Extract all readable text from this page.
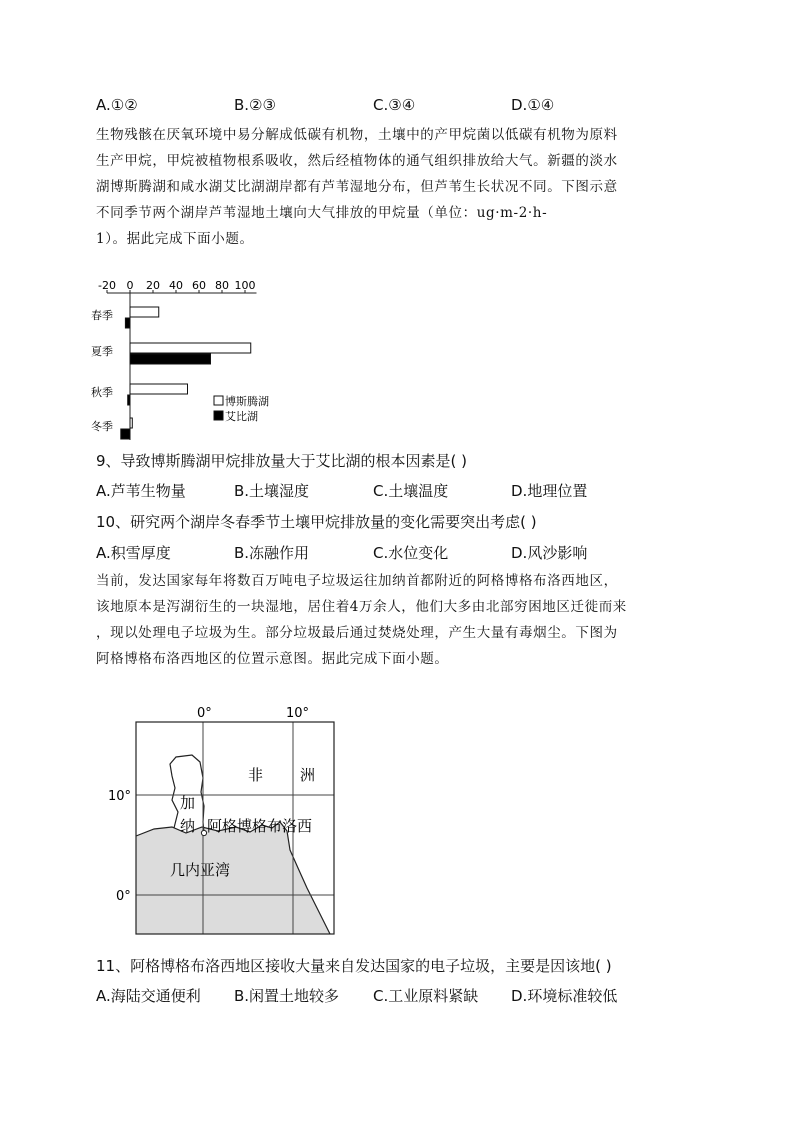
A.①②	B.②③	C.③④	D.①④
生物残骸在厌氧环境中易分解成低碳有机物，土壤中的产甲烷菌以低碳有机物为原料
生产甲烷，甲烷被植物根系吸收，然后经植物体的通气组织排放给大气。新疆的淡水
湖博斯腾湖和咸水湖艾比湖湖岸都有芦苇湿地分布，但芦苇生长状况不同。下图示意
不同季节两个湖岸芦苇湿地土壤向大气排放的甲烷量（单位：ug·m-2·h-
1）。据此完成下面小题。
-20 0 20 40 60 80 100
春季
夏季
秋季
冬季
博斯腾湖
艾比湖
9、导致博斯腾湖甲烷排放量大于艾比湖的根本因素是( )
A.芦苇生物量	B.土壤湿度	C.土壤温度	D.地理位置
10、研究两个湖岸冬春季节土壤甲烷排放量的变化需要突出考虑( )
A.积雪厚度	B.冻融作用	C.水位变化	D.风沙影响
当前，发达国家每年将数百万吨电子垃圾运往加纳首都附近的阿格博格布洛西地区，
该地原本是泻湖衍生的一块湿地，居住着4万余人，他们大多由北部穷困地区迁徙而来
，现以处理电子垃圾为生。部分垃圾最后通过焚烧处理，产生大量有毒烟尘。下图为
阿格博格布洛西地区的位置示意图。据此完成下面小题。
0°	10°
10°
0°
非 洲
加
纳 阿格博格布洛西
几内亚湾
11、阿格博格布洛西地区接收大量来自发达国家的电子垃圾，主要是因该地( )
A.海陆交通便利 B.闲置土地较多 C.工业原料紧缺 D.环境标准较低
